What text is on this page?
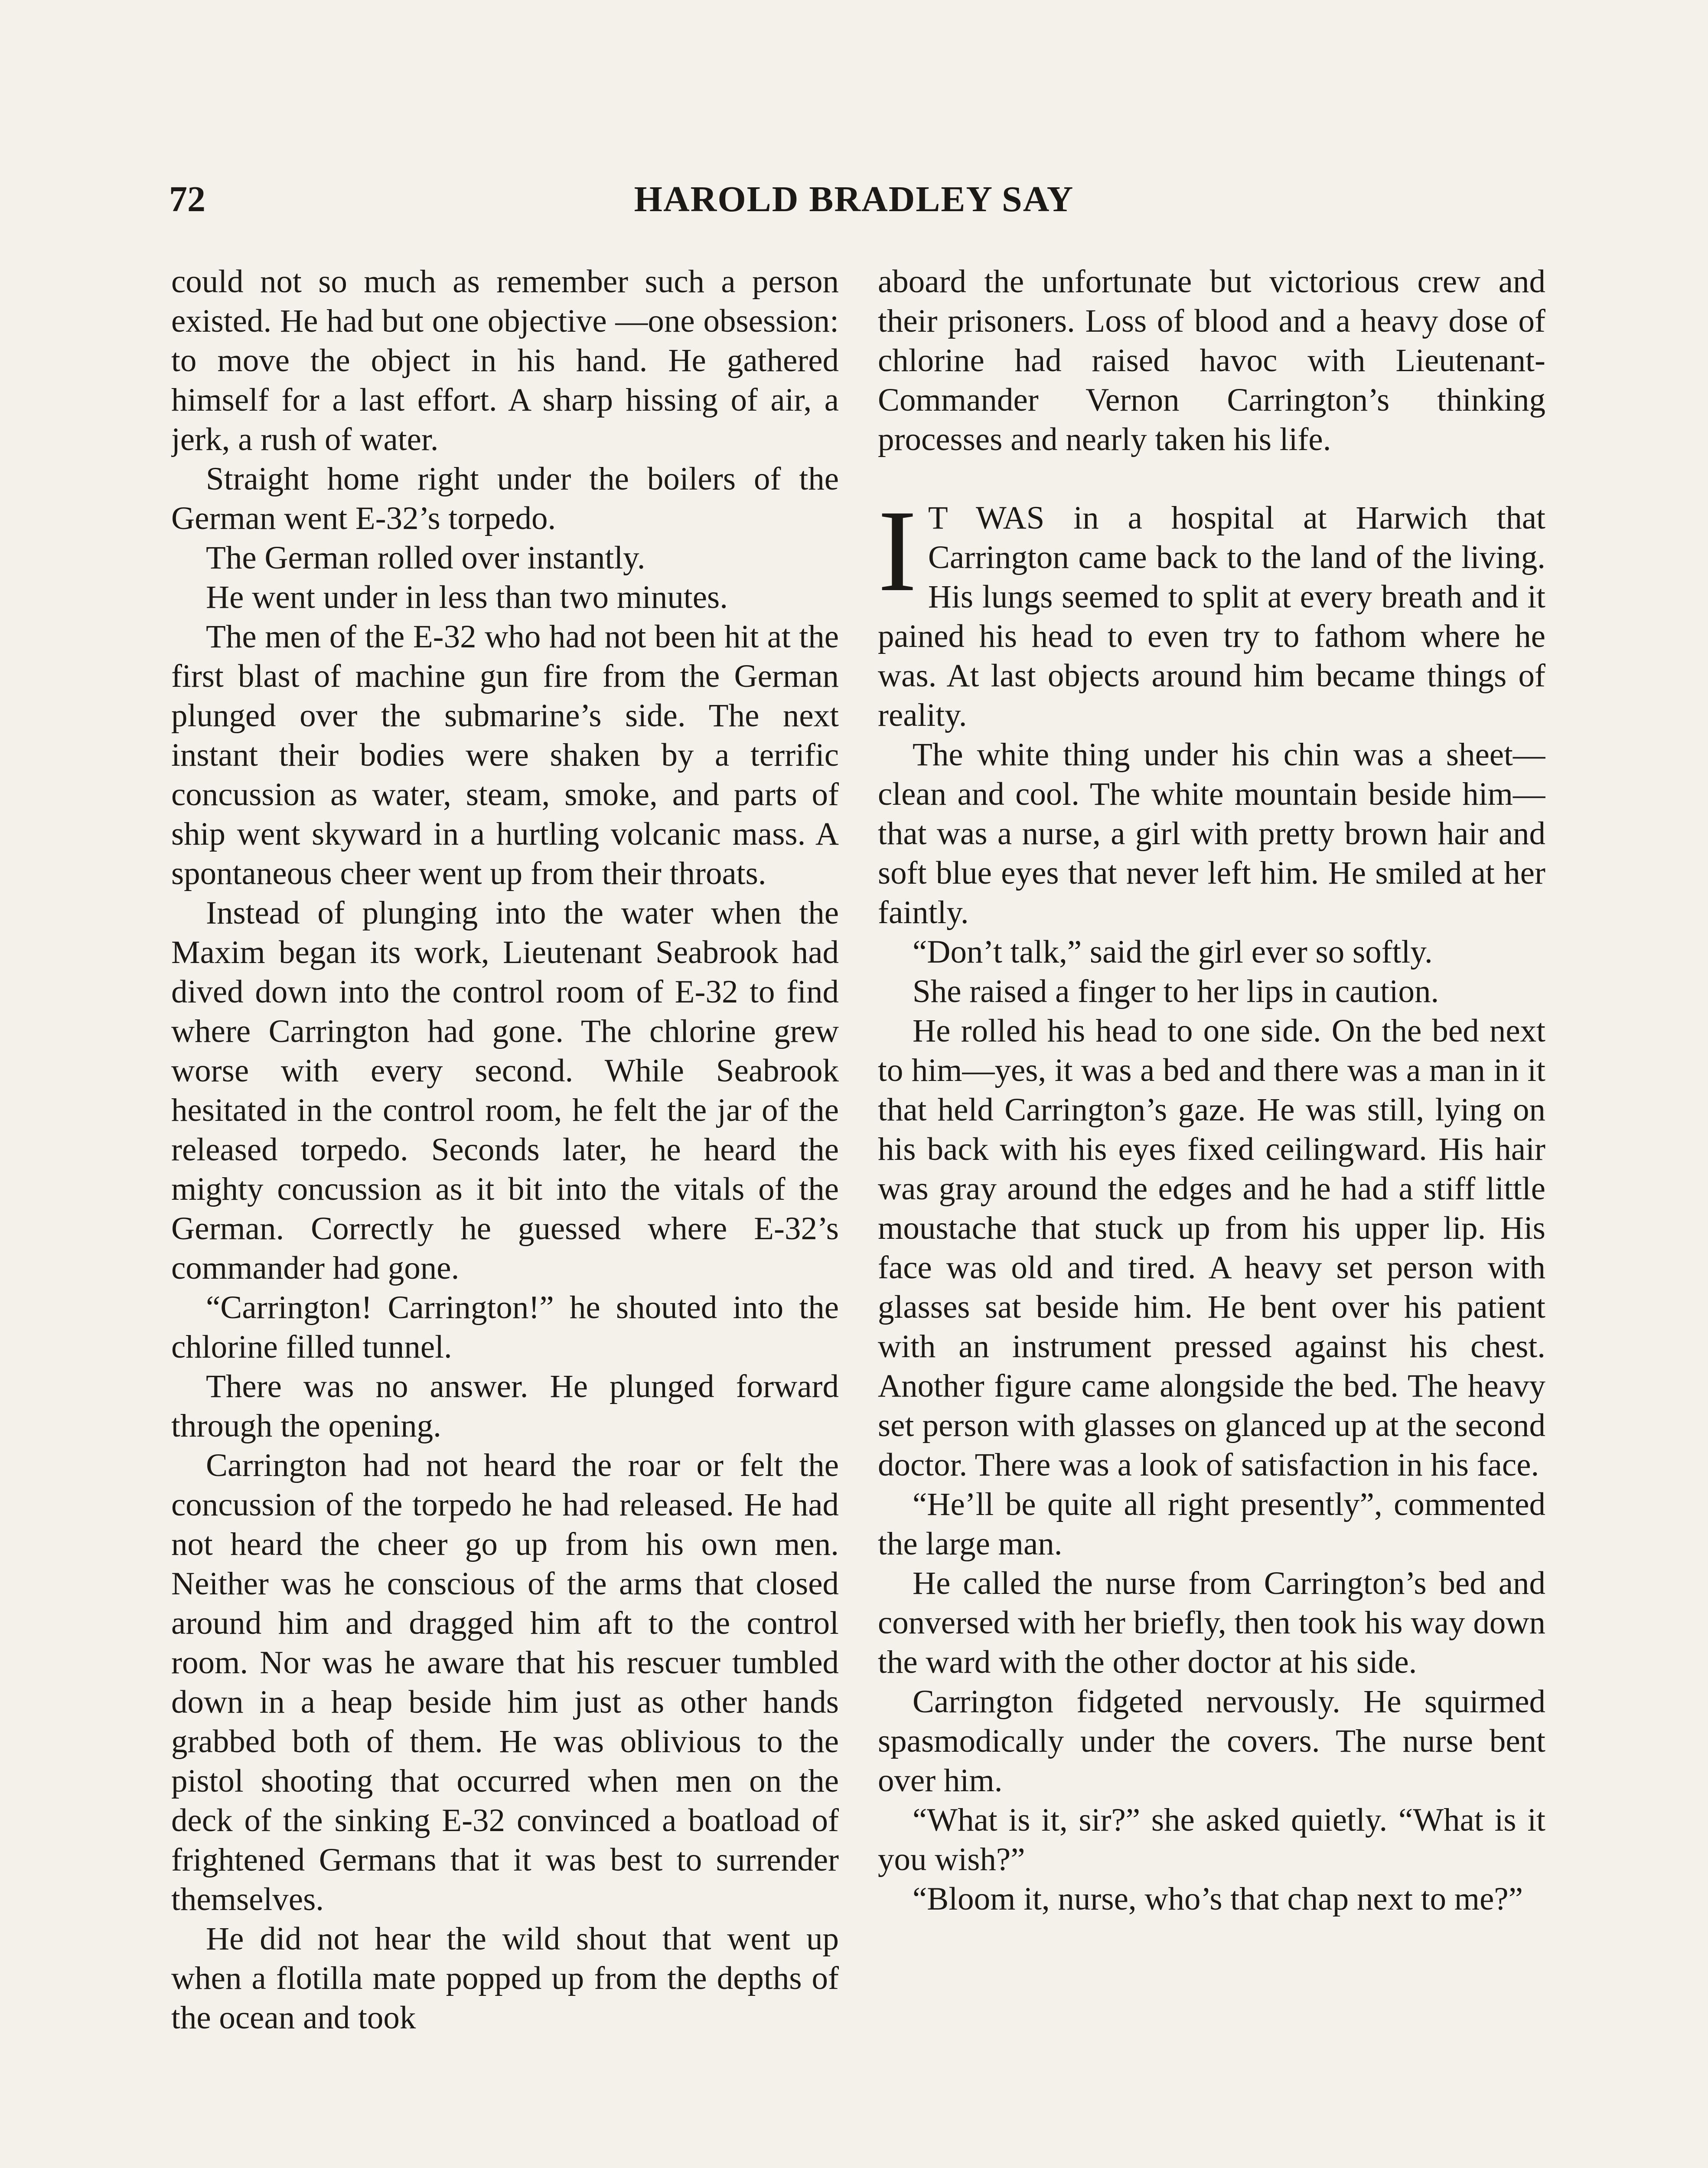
72	HAROLD BRADLEY SAY

could not so much as remember such a person existed. He had but one objective —one obsession: to move the object in his hand. He gathered himself for a last effort. A sharp hissing of air, a jerk, a rush of water.

Straight home right under the boilers of the German went E-32’s torpedo.

The German rolled over instantly.

He went under in less than two minutes.

The men of the E-32 who had not been hit at the first blast of machine gun fire from the German plunged over the submarine’s side. The next instant their bodies were shaken by a terrific concussion as water, steam, smoke, and parts of ship went skyward in a hurtling volcanic mass. A spontaneous cheer went up from their throats.

Instead of plunging into the water when the Maxim began its work, Lieutenant Seabrook had dived down into the control room of E-32 to find where Carrington had gone. The chlorine grew worse with every second. While Seabrook hesitated in the control room, he felt the jar of the released torpedo. Seconds later, he heard the mighty concussion as it bit into the vitals of the German. Correctly he guessed where E-32’s commander had gone.

“Carrington! Carrington!” he shouted into the chlorine filled tunnel.

There was no answer. He plunged forward through the opening.

Carrington had not heard the roar or felt the concussion of the torpedo he had released. He had not heard the cheer go up from his own men. Neither was he conscious of the arms that closed around him and dragged him aft to the control room. Nor was he aware that his rescuer tumbled down in a heap beside him just as other hands grabbed both of them. He was oblivious to the pistol shooting that occurred when men on the deck of the sinking E-32 convinced a boatload of frightened Germans that it was best to surrender themselves.

He did not hear the wild shout that went up when a flotilla mate popped up from the depths of the ocean and took

aboard the unfortunate but victorious crew and their prisoners. Loss of blood and a heavy dose of chlorine had raised havoc with Lieutenant-Commander Vernon Carrington’s thinking processes and nearly taken his life.

I T WAS in a hospital at Harwich that Carrington came back to the land of the living. His lungs seemed to split at every breath and it pained his head to even try to fathom where he was. At last objects around him became things of reality.

The white thing under his chin was a sheet—clean and cool. The white mountain beside him—that was a nurse, a girl with pretty brown hair and soft blue eyes that never left him. He smiled at her faintly.

“Don’t talk,” said the girl ever so softly.

She raised a finger to her lips in caution.

He rolled his head to one side. On the bed next to him—yes, it was a bed and there was a man in it that held Carrington’s gaze. He was still, lying on his back with his eyes fixed ceilingward. His hair was gray around the edges and he had a stiff little moustache that stuck up from his upper lip. His face was old and tired. A heavy set person with glasses sat beside him. He bent over his patient with an instrument pressed against his chest. Another figure came alongside the bed. The heavy set person with glasses on glanced up at the second doctor. There was a look of satisfaction in his face.

“He’ll be quite all right presently”, commented the large man.

He called the nurse from Carrington’s bed and conversed with her briefly, then took his way down the ward with the other doctor at his side.

Carrington fidgeted nervously. He squirmed spasmodically under the covers. The nurse bent over him.

“What is it, sir?” she asked quietly. “What is it you wish?”

“Bloom it, nurse, who’s that chap next to me?”
